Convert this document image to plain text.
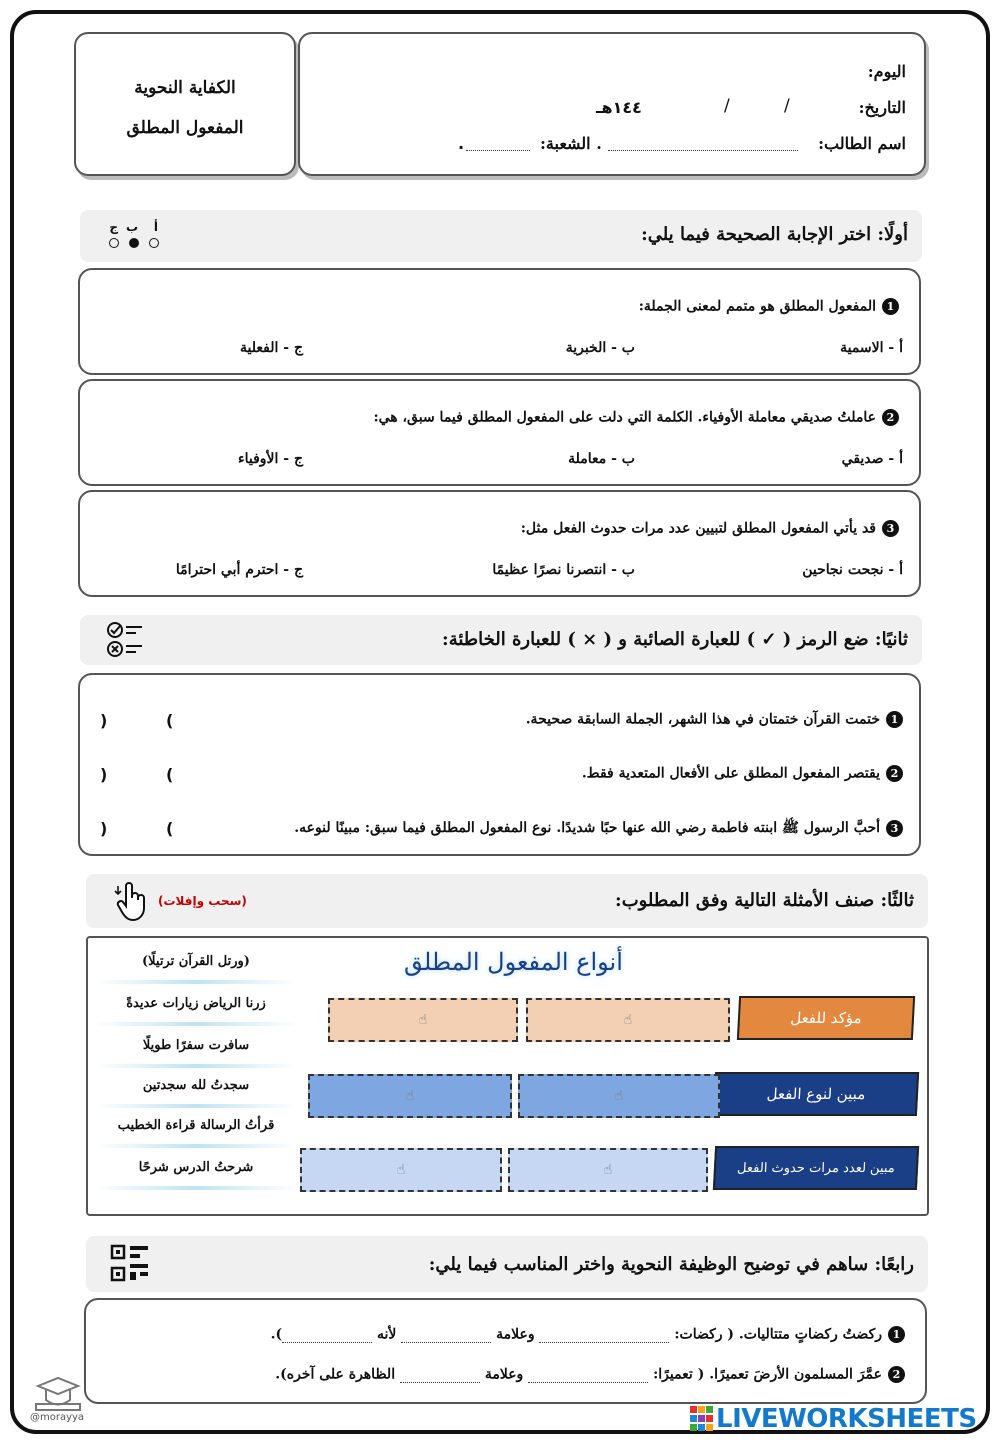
الكفاية النحوية
المفعول المطلق
اليوم:
التاريخ:
/
/
١٤٤هـ
اسم الطالب:
. الشعبة:
.
أولًا: اختر الإجابة الصحيحة فيما يلي:
أ
ب
ج
1المفعول المطلق هو متمم لمعنى الجملة:
أ - الاسمية
ب - الخبرية
ج - الفعلية
2عاملتُ صديقي معاملة الأوفياء. الكلمة التي دلت على المفعول المطلق فيما سبق، هي:
أ - صديقي
ب - معاملة
ج - الأوفياء
3قد يأتي المفعول المطلق لتبيين عدد مرات حدوث الفعل مثل:
أ - نجحت نجاحين
ب - انتصرنا نصرًا عظيمًا
ج - احترم أبي احترامًا
ثانيًا: ضع الرمز ( ✓ ) للعبارة الصائبة و ( × ) للعبارة الخاطئة:
1ختمت القرآن ختمتان في هذا الشهر، الجملة السابقة صحيحة.
2يقتصر المفعول المطلق على الأفعال المتعدية فقط.
3أحبَّ الرسول ﷺ ابنته فاطمة رضي الله عنها حبًا شديدًا. نوع المفعول المطلق فيما سبق: مبينًا لنوعه.
(
)
(
)
(
)
ثالثًا: صنف الأمثلة التالية وفق المطلوب:
(سحب وإفلات)
أنواع المفعول المطلق
(ورتل القرآن ترتيلًا)
زرنا الرياض زيارات عديدةً
سافرت سفرًا طويلًا
سجدتُ لله سجدتين
قرأتُ الرسالة قراءة الخطيب
شرحتُ الدرس شرحًا
مؤكد للفعل
☝
☝
مبين لنوع الفعل
☝
☝
مبين لعدد مرات حدوث الفعل
☝
☝
رابعًا: ساهم في توضيح الوظيفة النحوية واختر المناسب فيما يلي:
1ركضتُ ركضاتٍ متتاليات. ( ركضات:  وعلامة  لأنه ).
2عمَّرَ المسلمون الأرضَ تعميرًا. ( تعميرًا:  وعلامة  الظاهرة على آخره).
@morayya	LIVEWORKSHEETS
